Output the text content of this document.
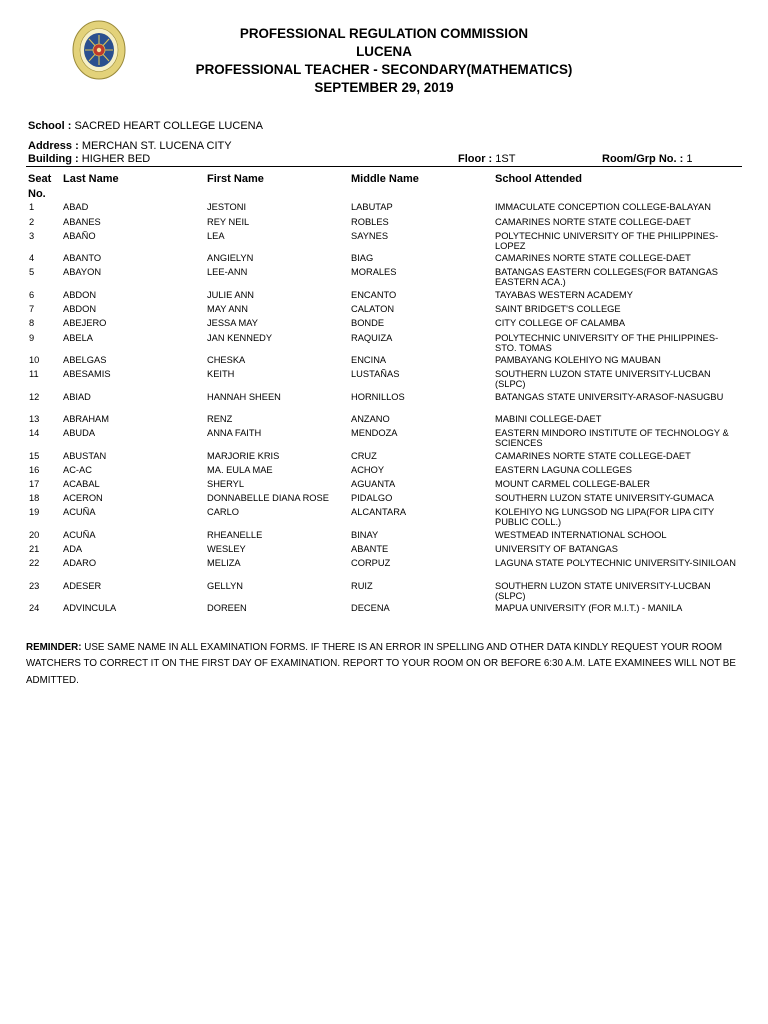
PROFESSIONAL REGULATION COMMISSION
LUCENA
PROFESSIONAL TEACHER - SECONDARY(MATHEMATICS)
SEPTEMBER 29, 2019
School : SACRED HEART COLLEGE LUCENA
Address : MERCHAN ST. LUCENA CITY
Building : HIGHER BED	Floor : 1ST	Room/Grp No. : 1
Seat
No.
Last Name	First Name	Middle Name	School Attended
1	ABAD	JESTONI	LABUTAP	IMMACULATE CONCEPTION COLLEGE-BALAYAN
2	ABANES	REY NEIL	ROBLES	CAMARINES NORTE STATE COLLEGE-DAET
3	ABAÑO	LEA	SAYNES	POLYTECHNIC UNIVERSITY OF THE PHILIPPINES-LOPEZ
4	ABANTO	ANGIELYN	BIAG	CAMARINES NORTE STATE COLLEGE-DAET
5	ABAYON	LEE-ANN	MORALES	BATANGAS EASTERN COLLEGES(FOR BATANGAS EASTERN ACA.)
6	ABDON	JULIE ANN	ENCANTO	TAYABAS WESTERN ACADEMY
7	ABDON	MAY ANN	CALATON	SAINT BRIDGET'S COLLEGE
8	ABEJERO	JESSA MAY	BONDE	CITY COLLEGE OF CALAMBA
9	ABELA	JAN KENNEDY	RAQUIZA	POLYTECHNIC UNIVERSITY OF THE PHILIPPINES-STO. TOMAS
10	ABELGAS	CHESKA	ENCINA	PAMBAYANG KOLEHIYO NG MAUBAN
11	ABESAMIS	KEITH	LUSTAÑAS	SOUTHERN LUZON STATE UNIVERSITY-LUCBAN (SLPC)
12	ABIAD	HANNAH SHEEN	HORNILLOS	BATANGAS STATE UNIVERSITY-ARASOF-NASUGBU
13	ABRAHAM	RENZ	ANZANO	MABINI COLLEGE-DAET
14	ABUDA	ANNA FAITH	MENDOZA	EASTERN MINDORO INSTITUTE OF TECHNOLOGY & SCIENCES
15	ABUSTAN	MARJORIE KRIS	CRUZ	CAMARINES NORTE STATE COLLEGE-DAET
16	AC-AC	MA. EULA MAE	ACHOY	EASTERN LAGUNA COLLEGES
17	ACABAL	SHERYL	AGUANTA	MOUNT CARMEL COLLEGE-BALER
18	ACERON	DONNABELLE DIANA ROSE	PIDALGO	SOUTHERN LUZON STATE UNIVERSITY-GUMACA
19	ACUÑA	CARLO	ALCANTARA	KOLEHIYO NG LUNGSOD NG LIPA(FOR LIPA CITY PUBLIC COLL.)
20	ACUÑA	RHEANELLE	BINAY	WESTMEAD INTERNATIONAL SCHOOL
21	ADA	WESLEY	ABANTE	UNIVERSITY OF BATANGAS
22	ADARO	MELIZA	CORPUZ	LAGUNA STATE POLYTECHNIC UNIVERSITY-SINILOAN
23	ADESER	GELLYN	RUIZ	SOUTHERN LUZON STATE UNIVERSITY-LUCBAN (SLPC)
24	ADVINCULA	DOREEN	DECENA	MAPUA UNIVERSITY (FOR M.I.T.) - MANILA
REMINDER: USE SAME NAME IN ALL EXAMINATION FORMS. IF THERE IS AN ERROR IN SPELLING AND OTHER DATA KINDLY REQUEST YOUR ROOM WATCHERS TO CORRECT IT ON THE FIRST DAY OF EXAMINATION. REPORT TO YOUR ROOM ON OR BEFORE 6:30 A.M. LATE EXAMINEES WILL NOT BE ADMITTED.
